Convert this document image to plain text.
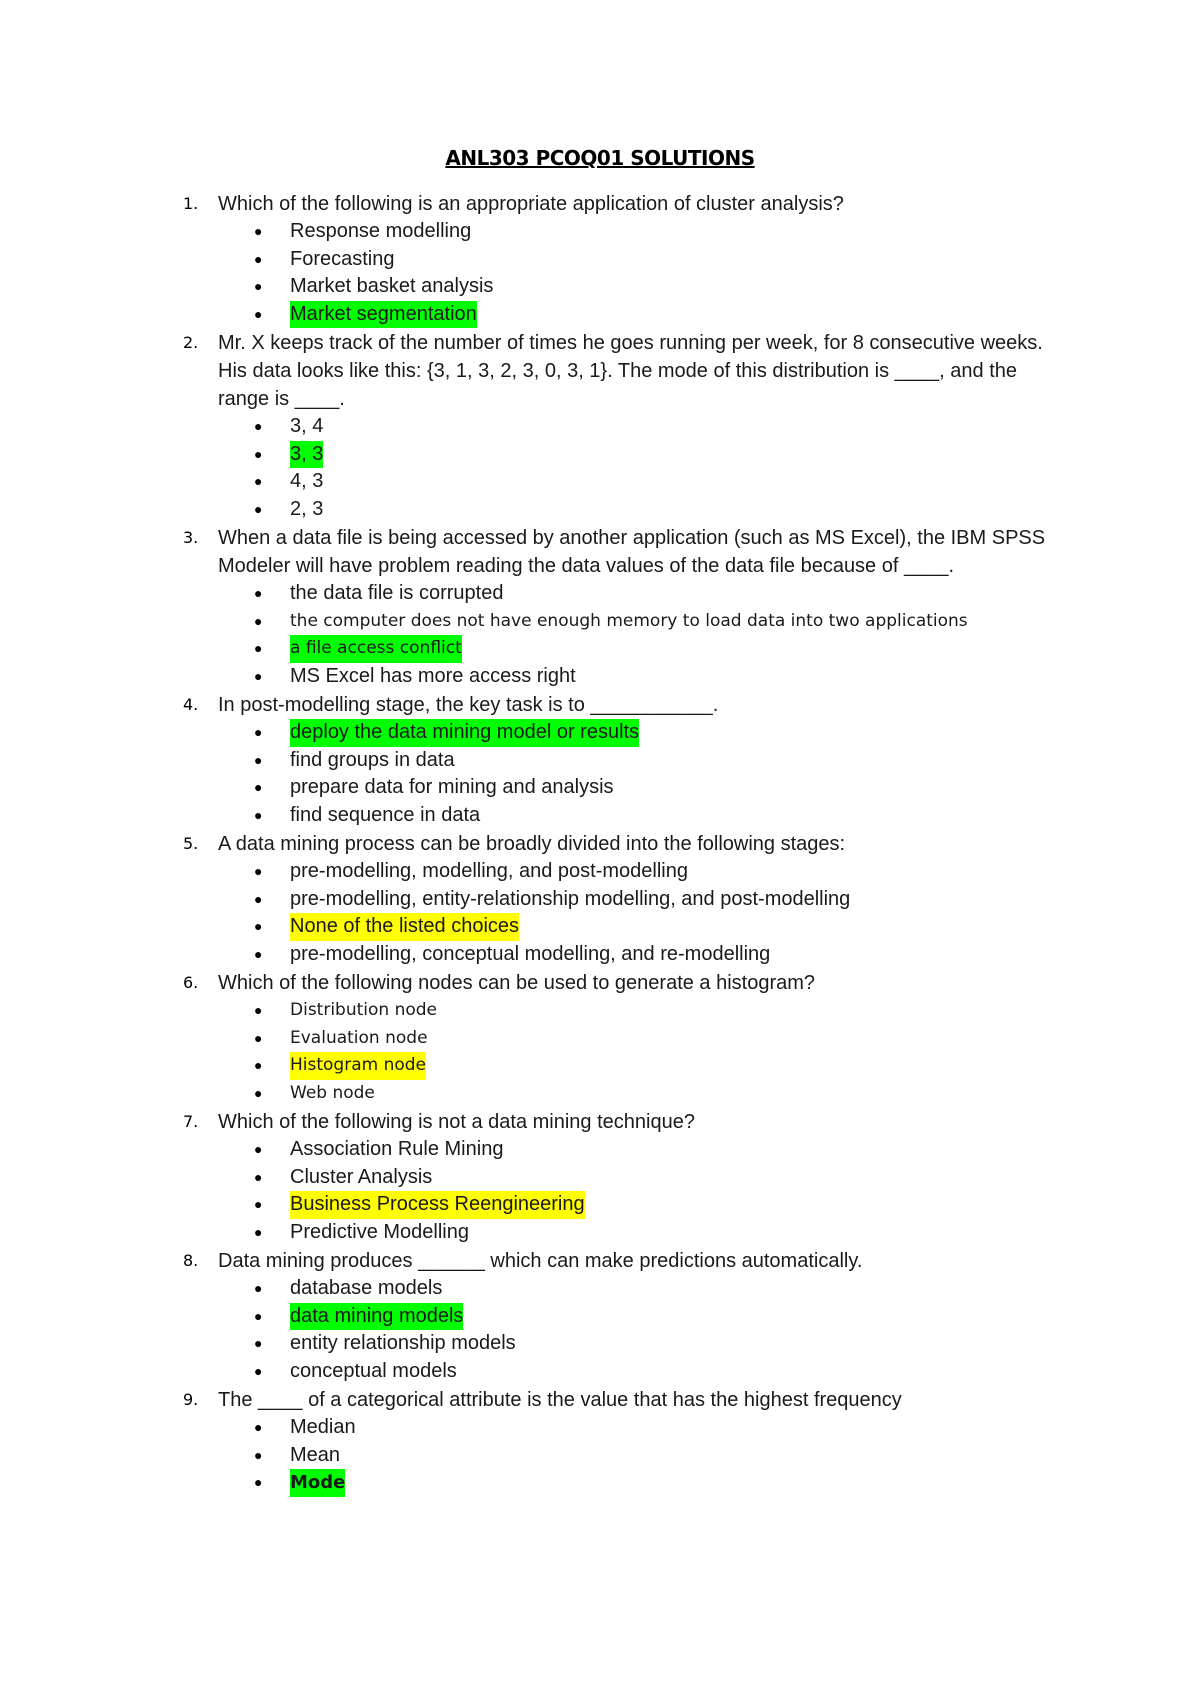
ANL303 PCOQ01 SOLUTIONS
1. Which of the following is an appropriate application of cluster analysis?
● Response modelling
● Forecasting
● Market basket analysis
● Market segmentation
2. Mr. X keeps track of the number of times he goes running per week, for 8 consecutive weeks. His data looks like this: {3, 1, 3, 2, 3, 0, 3, 1}. The mode of this distribution is ____, and the range is ____.
● 3, 4
● 3, 3
● 4, 3
● 2, 3
3. When a data file is being accessed by another application (such as MS Excel), the IBM SPSS Modeler will have problem reading the data values of the data file because of ____.
● the data file is corrupted
● the computer does not have enough memory to load data into two applications
● a file access conflict
● MS Excel has more access right
4. In post-modelling stage, the key task is to ___________.
● deploy the data mining model or results
● find groups in data
● prepare data for mining and analysis
● find sequence in data
5. A data mining process can be broadly divided into the following stages:
● pre-modelling, modelling, and post-modelling
● pre-modelling, entity-relationship modelling, and post-modelling
● None of the listed choices
● pre-modelling, conceptual modelling, and re-modelling
6. Which of the following nodes can be used to generate a histogram?
● Distribution node
● Evaluation node
● Histogram node
● Web node
7. Which of the following is not a data mining technique?
● Association Rule Mining
● Cluster Analysis
● Business Process Reengineering
● Predictive Modelling
8. Data mining produces ______ which can make predictions automatically.
● database models
● data mining models
● entity relationship models
● conceptual models
9. The ____ of a categorical attribute is the value that has the highest frequency
● Median
● Mean
● Mode
